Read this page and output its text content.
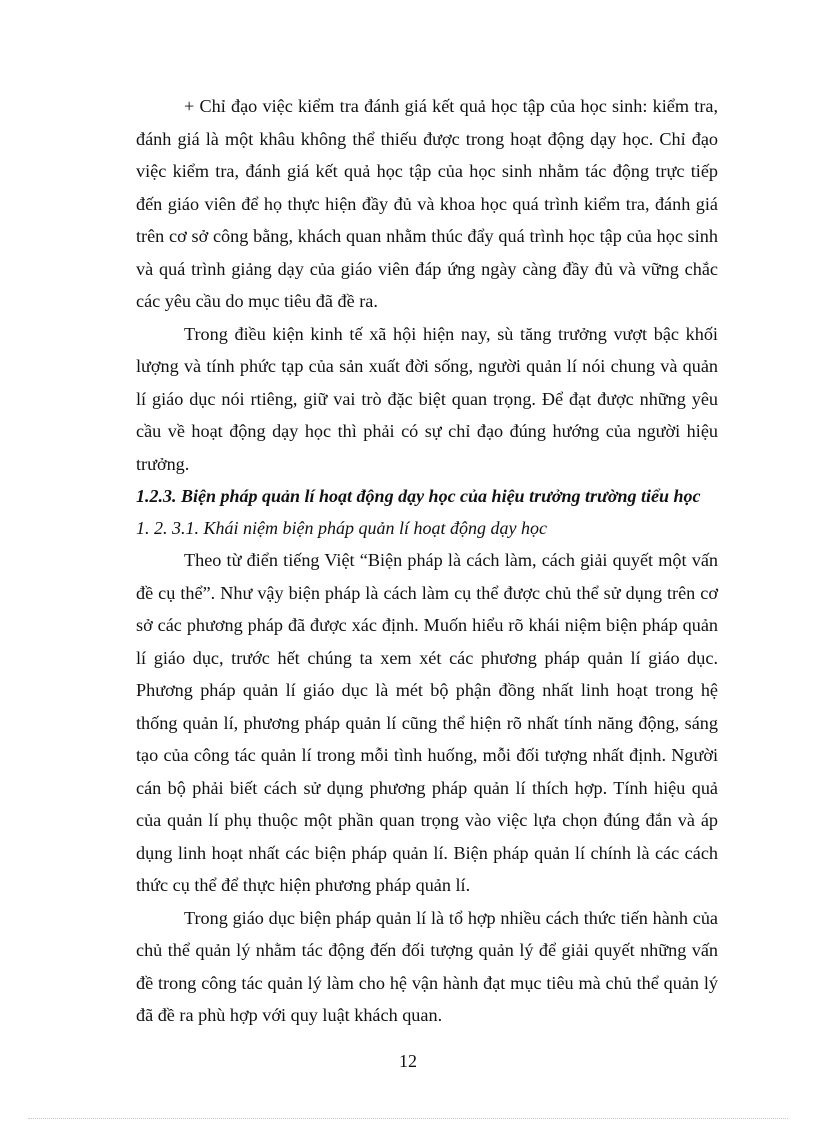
+ Chỉ đạo việc kiểm tra đánh giá kết quả học tập của học sinh: kiểm tra, đánh giá là một khâu không thể thiếu được trong hoạt động dạy học. Chỉ đạo việc kiểm tra, đánh giá kết quả học tập của học sinh nhằm tác động trực tiếp đến giáo viên để họ thực hiện đầy đủ và khoa học quá trình kiểm tra, đánh giá trên cơ sở công bằng, khách quan nhằm thúc đẩy quá trình học tập của học sinh và quá trình giảng dạy của giáo viên đáp ứng ngày càng đầy đủ và vững chắc các yêu cầu do mục tiêu đã đề ra.

Trong điều kiện kinh tế xã hội hiện nay, sù tăng trưởng vượt bậc khối lượng và tính phức tạp của sản xuất đời sống, người quản lí nói chung và quản lí giáo dục nói rtiêng, giữ vai trò đặc biệt quan trọng. Để đạt được những yêu cầu về hoạt động dạy học thì phải có sự chỉ đạo đúng hướng của người hiệu trưởng.

1.2.3. Biện pháp quản lí hoạt động dạy học của hiệu trưởng trường tiểu học

1. 2. 3.1. Khái niệm biện pháp quản lí hoạt động dạy học

Theo từ điển tiếng Việt “Biện pháp là cách làm, cách giải quyết một vấn đề cụ thể”. Như vậy biện pháp là cách làm cụ thể được chủ thể sử dụng trên cơ sở các phương pháp đã được xác định. Muốn hiểu rõ khái niệm biện pháp quản lí giáo dục, trước hết chúng ta xem xét các phương pháp quản lí giáo dục. Phương pháp quản lí giáo dục là mét bộ phận đồng nhất linh hoạt trong hệ thống quản lí, phương pháp quản lí cũng thể hiện rõ nhất tính năng động, sáng tạo của công tác quản lí trong mỗi tình huống, mỗi đối tượng nhất định. Người cán bộ phải biết cách sử dụng phương pháp quản lí thích hợp. Tính hiệu quả của quản lí phụ thuộc một phần quan trọng vào việc lựa chọn đúng đắn và áp dụng linh hoạt nhất các biện pháp quản lí. Biện pháp quản lí chính là các cách thức cụ thể để thực hiện phương pháp quản lí.

Trong giáo dục biện pháp quản lí là tổ hợp nhiều cách thức tiến hành của chủ thể quản lý nhằm tác động đến đối tượng quản lý để giải quyết những vấn đề trong công tác quản lý làm cho hệ vận hành đạt mục tiêu mà chủ thể quản lý đã đề ra phù hợp với quy luật khách quan.

12
